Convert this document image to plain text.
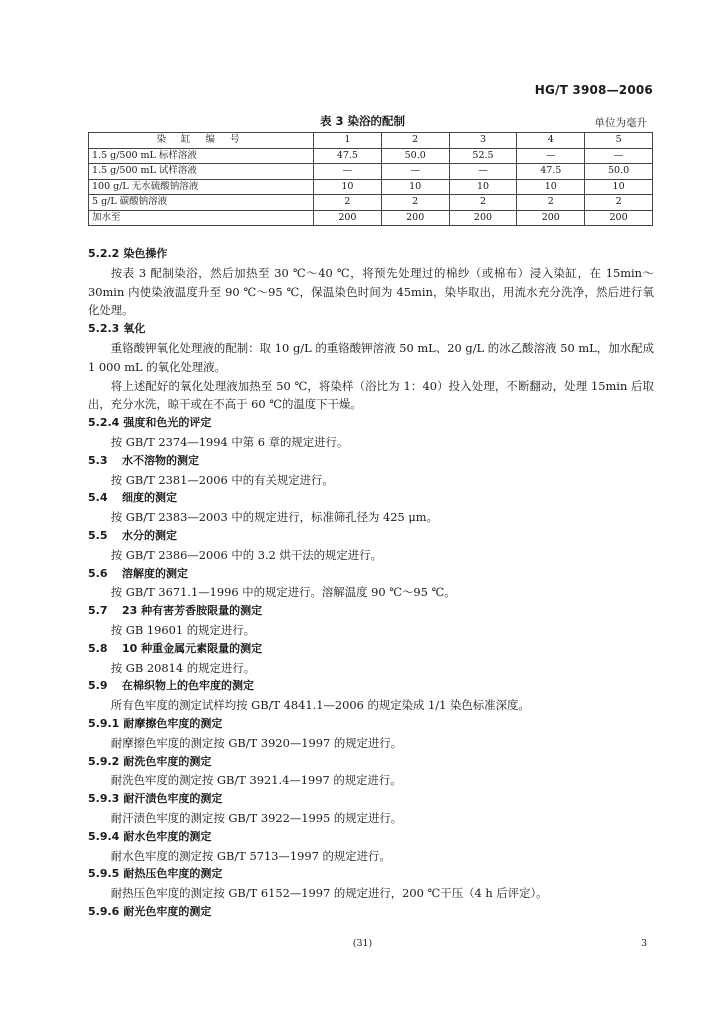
HG/T 3908—2006
表 3 染浴的配制	单位为毫升
染 缸 编 号	1	2	3	4	5
1.5 g/500 mL 标样溶液	47.5	50.0	52.5	—	—
1.5 g/500 mL 试样溶液	—	—	—	47.5	50.0
100 g/L 无水硫酸钠溶液	10	10	10	10	10
5 g/L 碳酸钠溶液	2	2	2	2	2
加水至	200	200	200	200	200
5.2.2 染色操作
按表 3 配制染浴，然后加热至 30 ℃～40 ℃，将预先处理过的棉纱（或棉布）浸入染缸，在 15min～30min 内使染液温度升至 90 ℃～95 ℃，保温染色时间为 45min，染毕取出，用流水充分洗净，然后进行氧化处理。
5.2.3 氧化
重铬酸钾氧化处理液的配制：取 10 g/L 的重铬酸钾溶液 50 mL、20 g/L 的冰乙酸溶液 50 mL，加水配成 1 000 mL 的氧化处理液。
将上述配好的氧化处理液加热至 50 ℃，将染样（浴比为 1：40）投入处理，不断翻动，处理 15min 后取出，充分水洗，晾干或在不高于 60 ℃的温度下干燥。
5.2.4 强度和色光的评定
按 GB/T 2374—1994 中第 6 章的规定进行。
5.3 水不溶物的测定
按 GB/T 2381—2006 中的有关规定进行。
5.4 细度的测定
按 GB/T 2383—2003 中的规定进行，标准筛孔径为 425 μm。
5.5 水分的测定
按 GB/T 2386—2006 中的 3.2 烘干法的规定进行。
5.6 溶解度的测定
按 GB/T 3671.1—1996 中的规定进行。溶解温度 90 ℃～95 ℃。
5.7 23 种有害芳香胺限量的测定
按 GB 19601 的规定进行。
5.8 10 种重金属元素限量的测定
按 GB 20814 的规定进行。
5.9 在棉织物上的色牢度的测定
所有色牢度的测定试样均按 GB/T 4841.1—2006 的规定染成 1/1 染色标准深度。
5.9.1 耐摩擦色牢度的测定
耐摩擦色牢度的测定按 GB/T 3920—1997 的规定进行。
5.9.2 耐洗色牢度的测定
耐洗色牢度的测定按 GB/T 3921.4—1997 的规定进行。
5.9.3 耐汗渍色牢度的测定
耐汗渍色牢度的测定按 GB/T 3922—1995 的规定进行。
5.9.4 耐水色牢度的测定
耐水色牢度的测定按 GB/T 5713—1997 的规定进行。
5.9.5 耐热压色牢度的测定
耐热压色牢度的测定按 GB/T 6152—1997 的规定进行，200 ℃干压（4 h 后评定）。
5.9.6 耐光色牢度的测定
(31)	3
